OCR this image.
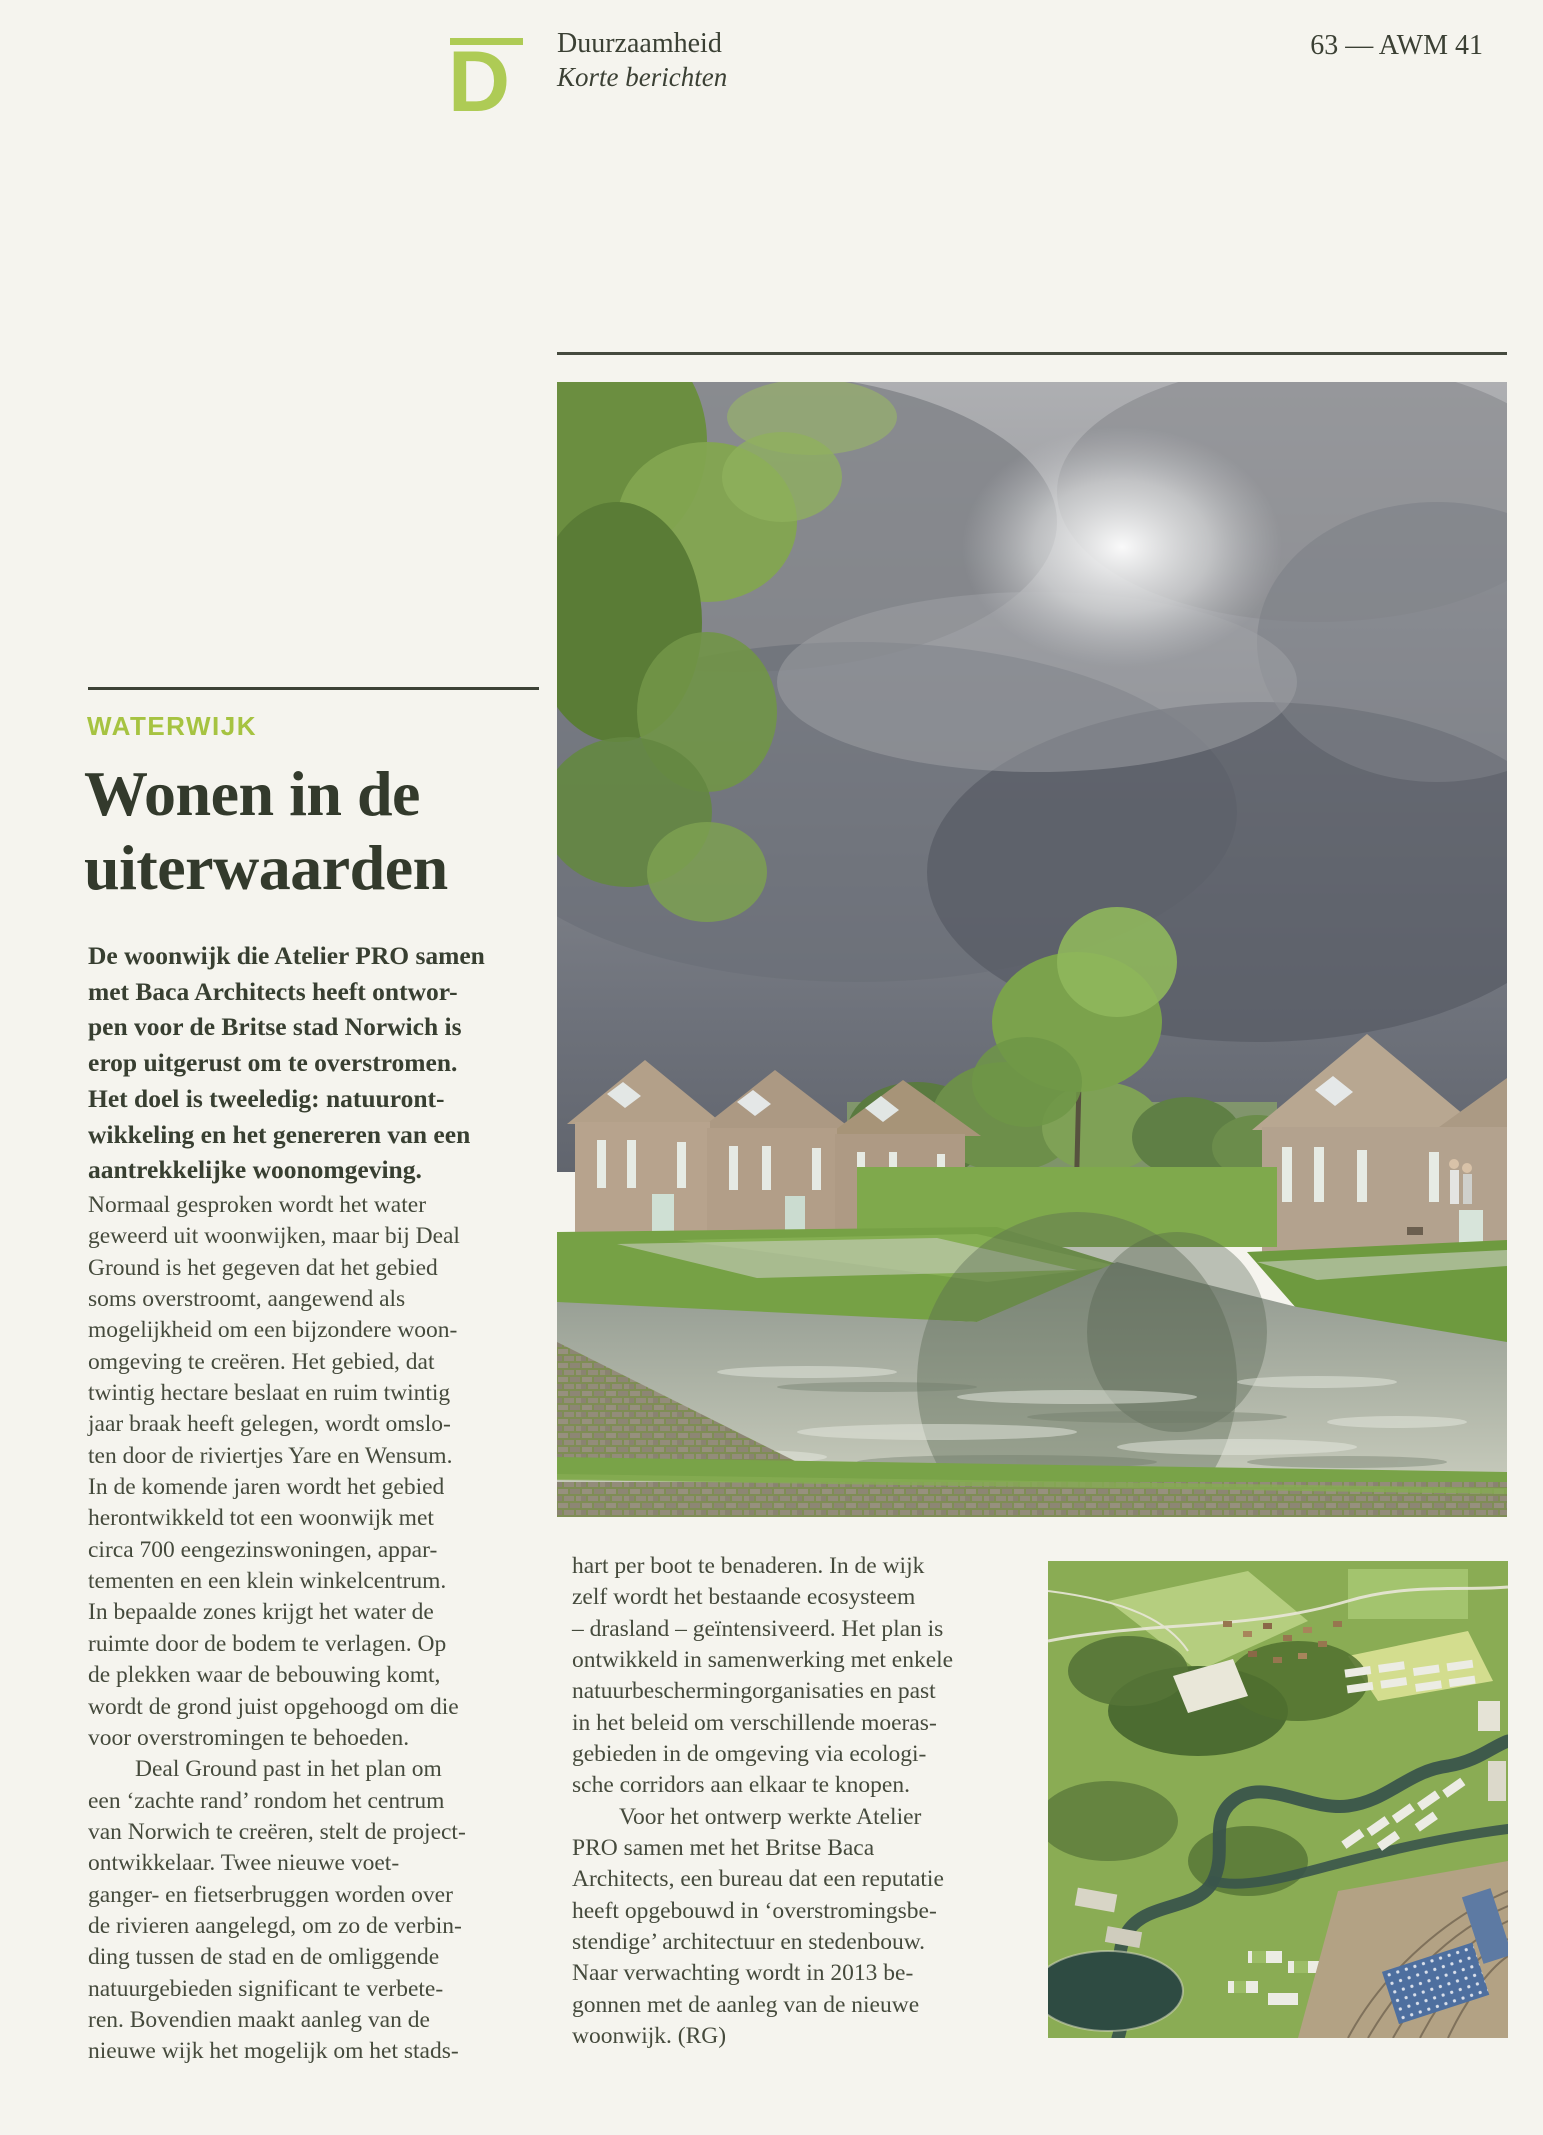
D Duurzaamheid
Korte berichten
63 — AWM 41
WATERWIJK
Wonen in de
uiterwaarden
De woonwijk die Atelier PRO samen
met Baca Architects heeft ontwor-
pen voor de Britse stad Norwich is
erop uitgerust om te overstromen.
Het doel is tweeledig: natuuront-
wikkeling en het genereren van een
aantrekkelijke woonomgeving.
Normaal gesproken wordt het water
geweerd uit woonwijken, maar bij Deal
Ground is het gegeven dat het gebied
soms overstroomt, aangewend als
mogelijkheid om een bijzondere woon-
omgeving te creëren. Het gebied, dat
twintig hectare beslaat en ruim twintig
jaar braak heeft gelegen, wordt omslo-
ten door de riviertjes Yare en Wensum.
In de komende jaren wordt het gebied
herontwikkeld tot een woonwijk met
circa 700 eengezinswoningen, appar-
tementen en een klein winkelcentrum.
In bepaalde zones krijgt het water de
ruimte door de bodem te verlagen. Op
de plekken waar de bebouwing komt,
wordt de grond juist opgehoogd om die
voor overstromingen te behoeden.
  Deal Ground past in het plan om
een ‘zachte rand’ rondom het centrum
van Norwich te creëren, stelt de project-
ontwikkelaar. Twee nieuwe voet-
ganger- en fietserbruggen worden over
de rivieren aangelegd, om zo de verbin-
ding tussen de stad en de omliggende
natuurgebieden significant te verbete-
ren. Bovendien maakt aanleg van de
nieuwe wijk het mogelijk om het stads-
hart per boot te benaderen. In de wijk
zelf wordt het bestaande ecosysteem
– drasland – geïntensiveerd. Het plan is
ontwikkeld in samenwerking met enkele
natuurbeschermingorganisaties en past
in het beleid om verschillende moeras-
gebieden in de omgeving via ecologi-
sche corridors aan elkaar te knopen.
  Voor het ontwerp werkte Atelier
PRO samen met het Britse Baca
Architects, een bureau dat een reputatie
heeft opgebouwd in ‘overstromingsbe-
stendige’ architectuur en stedenbouw.
Naar verwachting wordt in 2013 be-
gonnen met de aanleg van de nieuwe
woonwijk. (RG)
